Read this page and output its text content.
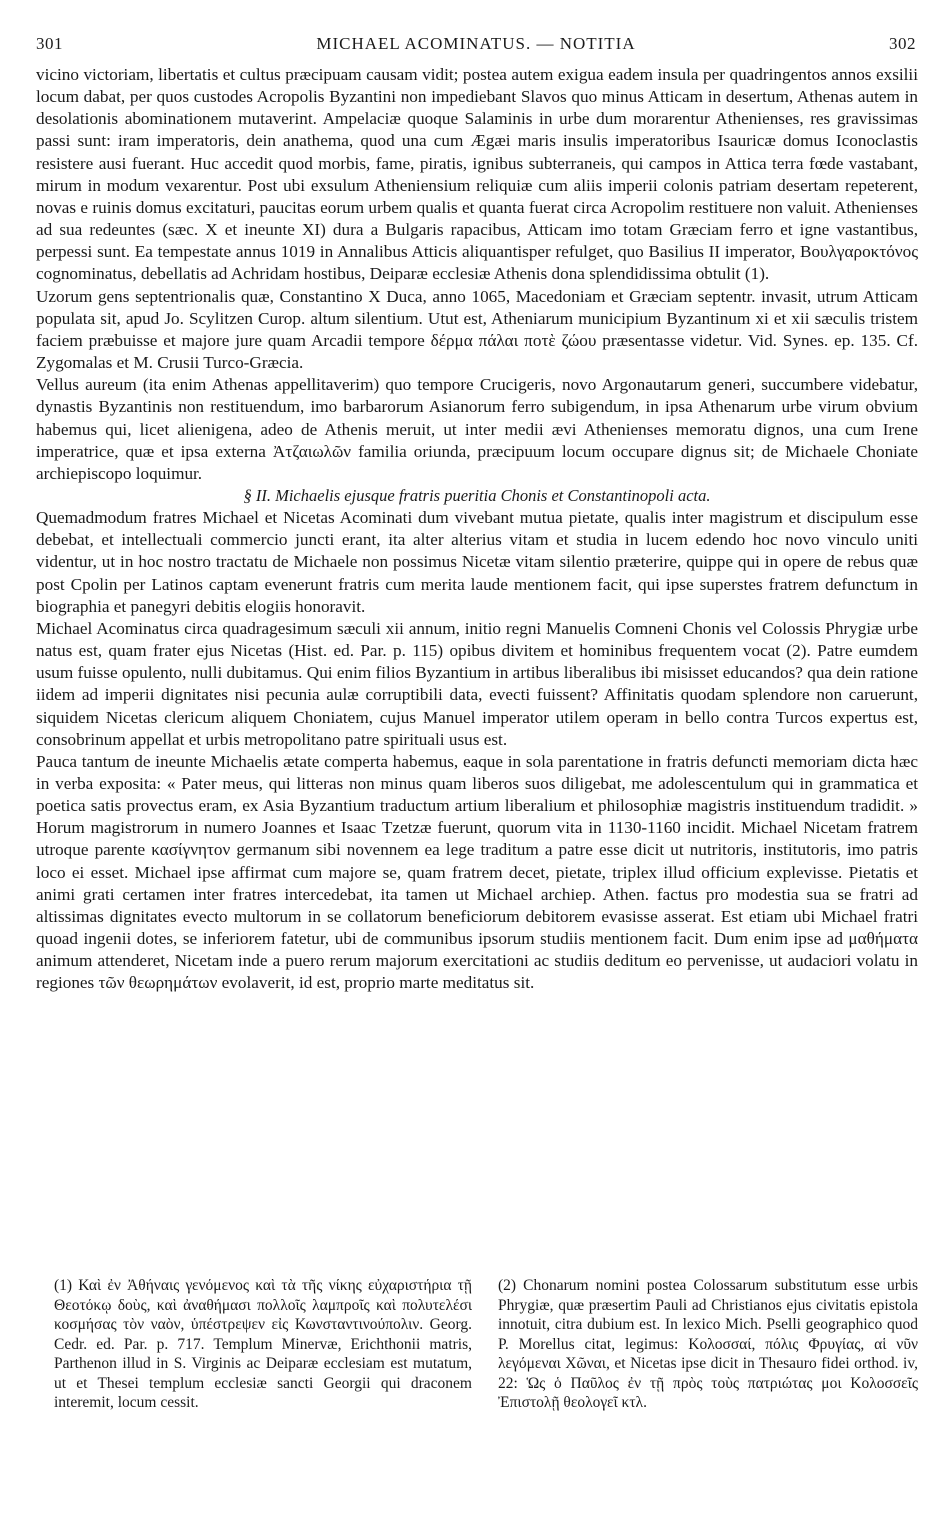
301	MICHAEL ACOMINATUS. — NOTITIA	302

vicino victoriam, libertatis et cultus præcipuam causam vidit; postea autem exigua eadem insula per quadringentos annos exsilii locum dabat, per quos custodes Acropolis Byzantini non impediebant Slavos quo minus Atticam in desertum, Athenas autem in desolationis abominationem mutaverint. Ampelaciæ quoque Salaminis in urbe dum morarentur Athenienses, res gravissimas passi sunt: iram imperatoris, dein anathema, quod una cum Ægæi maris insulis imperatoribus Isauricæ domus Iconoclastis resistere ausi fuerant. Huc accedit quod morbis, fame, piratis, ignibus subterraneis, qui campos in Attica terra fœde vastabant, mirum in modum vexarentur. Post ubi exsulum Atheniensium reliquiæ cum aliis imperii colonis patriam desertam repeterent, novas e ruinis domus excitaturi, paucitas eorum urbem qualis et quanta fuerat circa Acropolim restituere non valuit. Athenienses ad sua redeuntes (sæc. X et ineunte XI) dura a Bulgaris rapacibus, Atticam imo totam Græciam ferro et igne vastantibus, perpessi sunt. Ea tempestate annus 1019 in Annalibus Atticis aliquantisper refulget, quo Basilius II imperator, Βουλγαροκτόνος cognominatus, debellatis ad Achridam hostibus, Deiparæ ecclesiæ Athenis dona splendidissima obtulit (1).

Uzorum gens septentrionalis quæ, Constantino X Duca, anno 1065, Macedoniam et Græciam septentr. invasit, utrum Atticam populata sit, apud Jo. Scylitzen Curop. altum silentium. Utut est, Atheniarum municipium Byzantinum xi et xii sæculis tristem faciem præbuisse et majore jure quam Arcadii tempore δέρμα πάλαι ποτὲ ζώου præsentasse videtur. Vid. Synes. ep. 135. Cf. Zygomalas et M. Crusii Turco-Græcia.

Vellus aureum (ita enim Athenas appellitaverim) quo tempore Crucigeris, novo Argonautarum generi, succumbere videbatur, dynastis Byzantinis non restituendum, imo barbarorum Asianorum ferro subigendum, in ipsa Athenarum urbe virum obvium habemus qui, licet alienigena, adeo de Athenis meruit, ut inter medii ævi Athenienses memoratu dignos, una cum Irene imperatrice, quæ et ipsa externa Ἀτζαιωλῶν familia oriunda, præcipuum locum occupare dignus sit; de Michaele Choniate archiepiscopo loquimur.

§ II. Michaelis ejusque fratris pueritia Chonis et Constantinopoli acta.

Quemadmodum fratres Michael et Nicetas Acominati dum vivebant mutua pietate, qualis inter magistrum et discipulum esse debebat, et intellectuali commercio juncti erant, ita alter alterius vitam et studia in lucem edendo hoc novo vinculo uniti videntur, ut in hoc nostro tractatu de Michaele non possimus Nicetæ vitam silentio præterire, quippe qui in opere de rebus quæ post Cpolin per Latinos captam evenerunt fratris cum merita laude mentionem facit, qui ipse superstes fratrem defunctum in biographia et panegyri debitis elogiis honoravit.

Michael Acominatus circa quadragesimum sæculi xii annum, initio regni Manuelis Comneni Chonis vel Colossis Phrygiæ urbe natus est, quam frater ejus Nicetas (Hist. ed. Par. p. 115) opibus divitem et hominibus frequentem vocat (2). Patre eumdem usum fuisse opulento, nulli dubitamus. Qui enim filios Byzantium in artibus liberalibus ibi misisset educandos? qua dein ratione iidem ad imperii dignitates nisi pecunia aulæ corruptibili data, evecti fuissent? Affinitatis quodam splendore non caruerunt, siquidem Nicetas clericum aliquem Choniatem, cujus Manuel imperator utilem operam in bello contra Turcos expertus est, consobrinum appellat et urbis metropolitano patre spirituali usus est.

Pauca tantum de ineunte Michaelis ætate comperta habemus, eaque in sola parentatione in fratris defuncti memoriam dicta hæc in verba exposita: « Pater meus, qui litteras non minus quam liberos suos diligebat, me adolescentulum qui in grammatica et poetica satis provectus eram, ex Asia Byzantium traductum artium liberalium et philosophiæ magistris instituendum tradidit. » Horum magistrorum in numero Joannes et Isaac Tzetzæ fuerunt, quorum vita in 1130-1160 incidit. Michael Nicetam fratrem utroque parente κασίγνητον germanum sibi novennem ea lege traditum a patre esse dicit ut nutritoris, institutoris, imo patris loco ei esset. Michael ipse affirmat cum majore se, quam fratrem decet, pietate, triplex illud officium explevisse. Pietatis et animi grati certamen inter fratres intercedebat, ita tamen ut Michael archiep. Athen. factus pro modestia sua se fratri ad altissimas dignitates evecto multorum in se collatorum beneficiorum debitorem evasisse asserat. Est etiam ubi Michael fratri quoad ingenii dotes, se inferiorem fatetur, ubi de communibus ipsorum studiis mentionem facit. Dum enim ipse ad μαθήματα animum attenderet, Nicetam inde a puero rerum majorum exercitationi ac studiis deditum eo pervenisse, ut audaciori volatu in regiones τῶν θεωρημάτων evolaverit, id est, proprio marte meditatus sit.

(1) Καὶ ἐν Ἀθήναις γενόμενος καὶ τὰ τῆς νίκης εὐχαριστήρια τῇ Θεοτόκῳ δοὺς, καὶ ἀναθήμασι πολλοῖς λαμπροῖς καὶ πολυτελέσι κοσμήσας τὸν ναὸν, ὑπέστρεψεν εἰς Κωνσταντινούπολιν. Georg. Cedr. ed. Par. p. 717. Templum Minervæ, Erichthonii matris, Parthenon illud in S. Virginis ac Deiparæ ecclesiam est mutatum, ut et Thesei templum ecclesiæ sancti Georgii qui draconem interemit, locum cessit.
(2) Chonarum nomini postea Colossarum substitutum esse urbis Phrygiæ, quæ præsertim Pauli ad Christianos ejus civitatis epistola innotuit, citra dubium est. In lexico Mich. Pselli geographico quod P. Morellus citat, legimus: Κολοσσαί, πόλις Φρυγίας, αἱ νῦν λεγόμεναι Χῶναι, et Nicetas ipse dicit in Thesauro fidei orthod. iv, 22: Ὡς ὁ Παῦλος ἐν τῇ πρὸς τοὺς πατριώτας μοι Κολοσσεῖς Ἐπιστολῇ θεολογεῖ κτλ.
